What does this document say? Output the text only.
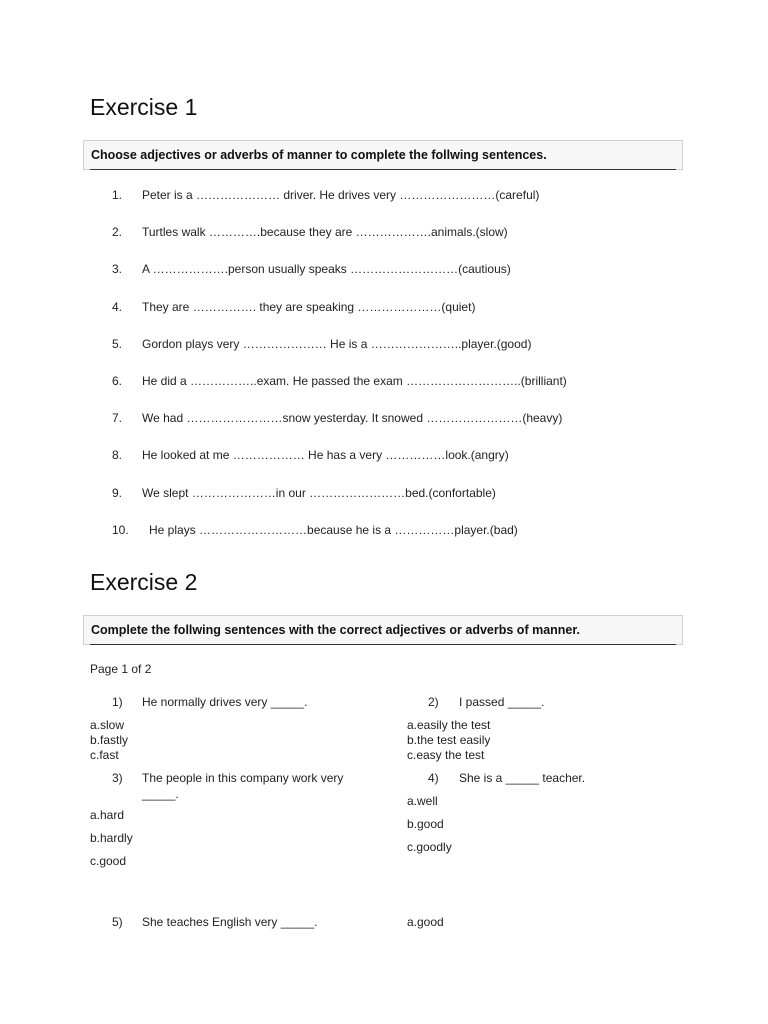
Exercise 1
Choose adjectives or adverbs of manner to complete the follwing sentences.
1. Peter is a ………………… driver. He drives very ……………………(careful)
2. Turtles walk ………….because they are ……………….animals.(slow)
3. A ……………….person usually speaks ………………………(cautious)
4. They are ……………. they are speaking …………………(quiet)
5. Gordon plays very ………………… He is a …………………..player.(good)
6. He did a ……………..exam. He passed the exam ………………………..(brilliant)
7. We had ……………………snow yesterday. It snowed ……………………(heavy)
8. He looked at me ……………… He has a very ……………look.(angry)
9. We slept …………………in our ……………………bed.(confortable)
10. He plays ………………………because he is a ……………player.(bad)
Exercise 2
Complete the follwing sentences with the correct adjectives or adverbs of manner.
Page 1 of 2
1) He normally drives very _____.
a.slow
b.fastly
c.fast
2) I passed _____.
a.easily the test
b.the test easily
c.easy the test
3) The people in this company work very
_____.
a.hard
b.hardly
c.good
4) She is a _____ teacher.
a.well
b.good
c.goodly
5) She teaches English very _____.	a.good
